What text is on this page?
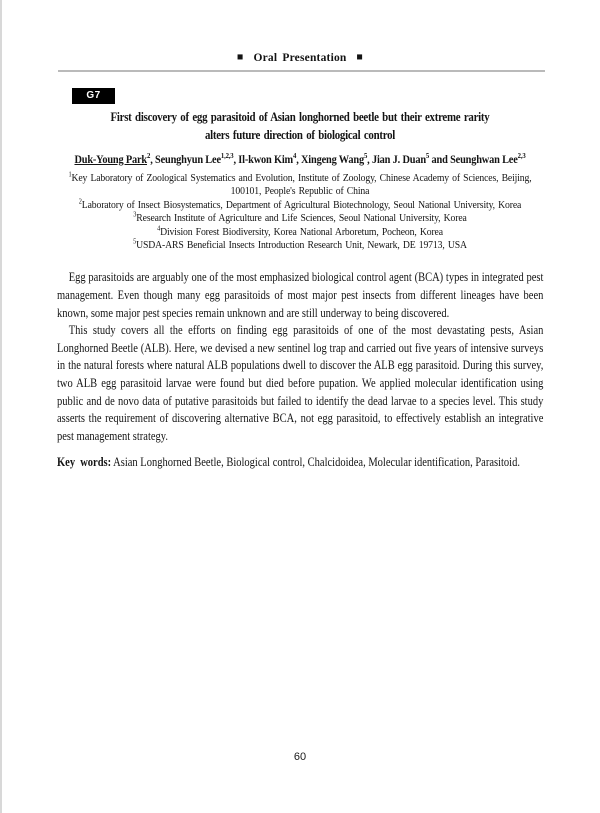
■ Oral Presentation ■
G7
First discovery of egg parasitoid of Asian longhorned beetle but their extreme rarity
alters future direction of biological control
Duk-Young Park$^2$, Seunghyun Lee$^{1,2,3}$, Il-kwon Kim$^4$, Xingeng Wang$^5$, Jian J. Duan$^5$ and Seunghwan Lee$^{2,3}$
$^1$Key Laboratory of Zoological Systematics and Evolution, Institute of Zoology, Chinese Academy of Sciences, Beijing, 100101, People's Republic of China
$^2$Laboratory of Insect Biosystematics, Department of Agricultural Biotechnology, Seoul National University, Korea
$^3$Research Institute of Agriculture and Life Sciences, Seoul National University, Korea
$^4$Division Forest Biodiversity, Korea National Arboretum, Pocheon, Korea
$^5$USDA-ARS Beneficial Insects Introduction Research Unit, Newark, DE 19713, USA

Egg parasitoids are arguably one of the most emphasized biological control agent (BCA) types in integrated pest management. Even though many egg parasitoids of most major pest insects from different lineages have been known, some major pest species remain unknown and are still underway to being discovered.

This study covers all the efforts on finding egg parasitoids of one of the most devastating pests, Asian Longhorned Beetle (ALB). Here, we devised a new sentinel log trap and carried out five years of intensive surveys in the natural forests where natural ALB populations dwell to discover the ALB egg parasitoid. During this survey, two ALB egg parasitoid larvae were found but died before pupation. We applied molecular identification using public and de novo data of putative parasitoids but failed to identify the dead larvae to a species level. This study asserts the requirement of discovering alternative BCA, not egg parasitoid, to effectively establish an integrative pest management strategy.

Key words: Asian Longhorned Beetle, Biological control, Chalcidoidea, Molecular identification, Parasitoid.

60
